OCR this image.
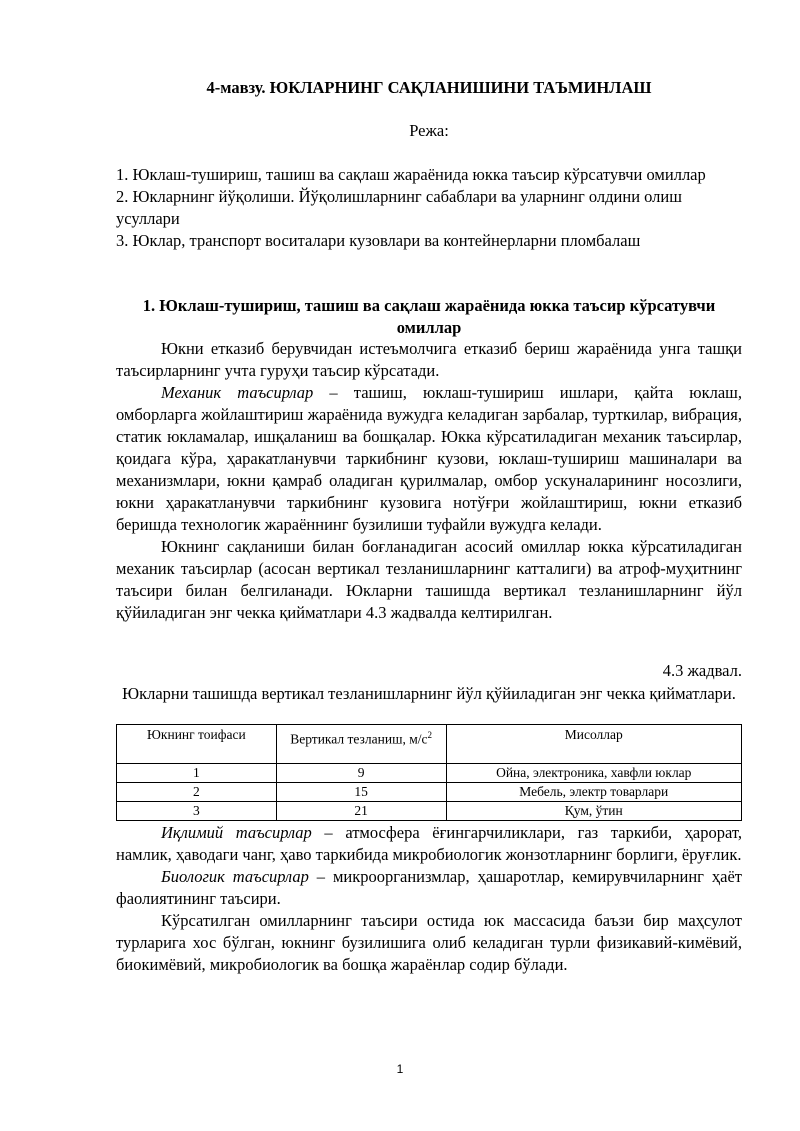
4-мавзу. ЮКЛАРНИНГ САҚЛАНИШИНИ ТАЪМИНЛАШ
Режа:
1. Юклаш-тушириш, ташиш ва сақлаш жараёнида юкка таъсир кўрсатувчи омиллар
2. Юкларнинг йўқолиши. Йўқолишларнинг сабаблари ва уларнинг олдини олиш усуллари
3. Юклар, транспорт воситалари кузовлари ва контейнерларни пломбалаш
1. Юклаш-тушириш, ташиш ва сақлаш жараёнида юкка таъсир кўрсатувчи омиллар

Юкни етказиб берувчидан истеъмолчига етказиб бериш жараёнида унга ташқи таъсирларнинг учта гуруҳи таъсир кўрсатади.

Механик таъсирлар – ташиш, юклаш-тушириш ишлари, қайта юклаш, омборларга жойлаштириш жараёнида вужудга келадиган зарбалар, турткилар, вибрация, статик юкламалар, ишқаланиш ва бошқалар. Юкка кўрсатиладиган механик таъсирлар, қоидага кўра, ҳаракатланувчи таркибнинг кузови, юклаш-тушириш машиналари ва механизмлари, юкни қамраб оладиган қурилмалар, омбор ускуналарининг носозлиги, юкни ҳаракатланувчи таркибнинг кузовига нотўғри жойлаштириш, юкни етказиб беришда технологик жараённинг бузилиши туфайли вужудга келади.

Юкнинг сақланиши билан боғланадиган асосий омиллар юкка кўрсатиладиган механик таъсирлар (асосан вертикал тезланишларнинг катталиги) ва атроф-муҳитнинг таъсири билан белгиланади. Юкларни ташишда вертикал тезланишларнинг йўл қўйиладиган энг чекка қийматлари 4.3 жадвалда келтирилган.

4.3 жадвал.
Юкларни ташишда вертикал тезланишларнинг йўл қўйиладиган энг чекка қийматлари.
Юкнинг тоифаси	Вертикал тезланиш, $м/с^2$	Мисоллар
1	9	Ойна, электроника, хавфли юклар
2	15	Мебель, электр товарлари
3	21	Қум, ўтин

Иқлимий таъсирлар – атмосфера ёғингарчиликлари, газ таркиби, ҳарорат, намлик, ҳаводаги чанг, ҳаво таркибида микробиологик жонзотларнинг борлиги, ёруғлик.

Биологик таъсирлар – микроорганизмлар, ҳашаротлар, кемирувчиларнинг ҳаёт фаолиятининг таъсири.

Кўрсатилган омилларнинг таъсири остида юк массасида баъзи бир маҳсулот турларига хос бўлган, юкнинг бузилишига олиб келадиган турли физикавий-кимёвий, биокимёвий, микробиологик ва бошқа жараёнлар содир бўлади.

1
